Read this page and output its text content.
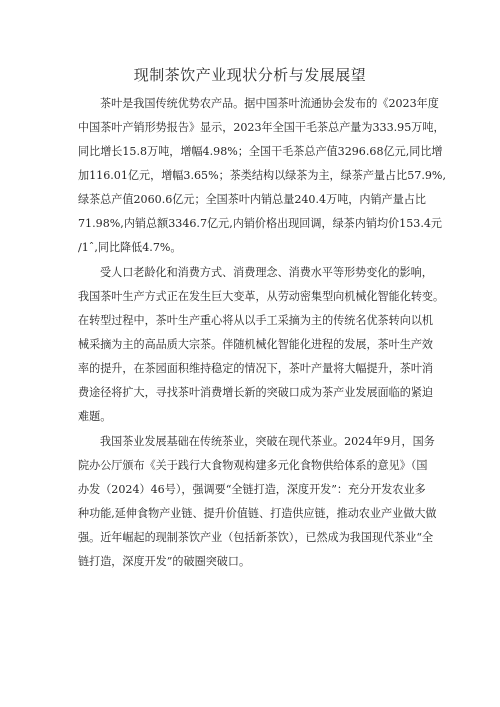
现制茶饮产业现状分析与发展展望
茶叶是我国传统优势农产品。据中国茶叶流通协会发布的《2023年度
中国茶叶产销形势报告》显示，2023年全国干毛茶总产量为333.95万吨，
同比增长15.8万吨，增幅4.98%；全国干毛茶总产值3296.68亿元,同比增
加116.01亿元，增幅3.65%；茶类结构以绿茶为主，绿茶产量占比57.9%,
绿茶总产值2060.6亿元；全国茶叶内销总量240.4万吨，内销产量占比
71.98%,内销总额3346.7亿元,内销价格出现回调，绿茶内销均价153.4元
/1ˆ,同比降低4.7%。
受人口老龄化和消费方式、消费理念、消费水平等形势变化的影响，
我国茶叶生产方式正在发生巨大变革，从劳动密集型向机械化智能化转变。
在转型过程中，茶叶生产重心将从以手工采摘为主的传统名优茶转向以机
械采摘为主的高品质大宗茶。伴随机械化智能化进程的发展，茶叶生产效
率的提升，在茶园面积维持稳定的情况下，茶叶产量将大幅提升，茶叶消
费途径将扩大，寻找茶叶消费增长新的突破口成为茶产业发展面临的紧迫
难题。
我国茶业发展基础在传统茶业，突破在现代茶业。2024年9月，国务
院办公厅颁布《关于践行大食物观构建多元化食物供给体系的意见》（国
办发（2024）46号），强调要“全链打造，深度开发”：充分开发农业多
种功能,延伸食物产业链、提升价值链、打造供应链，推动农业产业做大做
强。近年崛起的现制茶饮产业（包括新茶饮），已然成为我国现代茶业“全
链打造，深度开发”的破圈突破口。
